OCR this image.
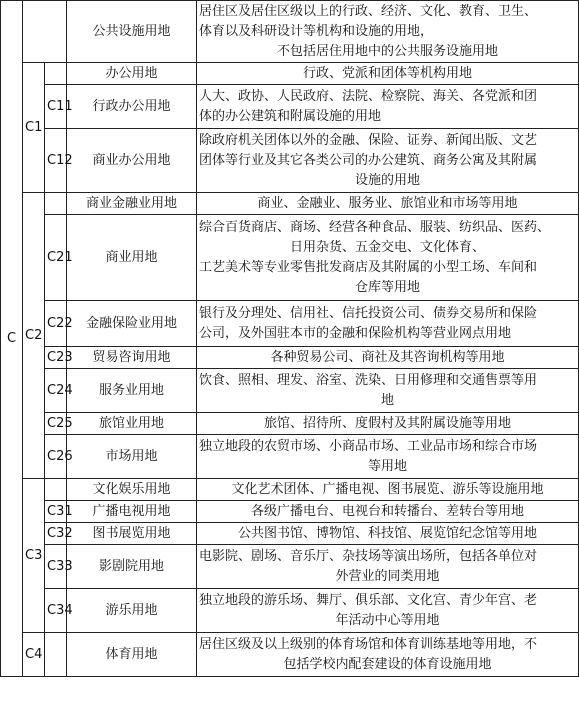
C			公共设施用地	居住区及居住区级以上的行政、经济、文化、教育、卫生、
体育以及科研设计等机构和设施的用地，
不包括居住用地中的公共服务设施用地

	C1		办公用地	行政、党派和团体等机构用地

		C11	行政办公用地	人大、政协、人民政府、法院、检察院、海关、各党派和团
体的办公建筑和附属设施的用地

		C12	商业办公用地	除政府机关团体以外的金融、保险、证券、新闻出版、文艺
团体等行业及其它各类公司的办公建筑、商务公寓及其附属
设施的用地

	C2		商业金融业用地	商业、金融业、服务业、旅馆业和市场等用地

		C21	商业用地	综合百货商店、商场、经营各种食品、服装、纺织品、医药、
日用杂货、五金交电、文化体育、
工艺美术等专业零售批发商店及其附属的小型工场、车间和
仓库等用地

		C22	金融保险业用地	银行及分理处、信用社、信托投资公司、债券交易所和保险
公司，及外国驻本市的金融和保险机构等营业网点用地

		C23	贸易咨询用地	各种贸易公司、商社及其咨询机构等用地

		C24	服务业用地	饮食、照相、理发、浴室、洗染、日用修理和交通售票等用
地

		C25	旅馆业用地	旅馆、招待所、度假村及其附属设施等用地

		C26	市场用地	独立地段的农贸市场、小商品市场、工业品市场和综合市场
等用地

	C3		文化娱乐用地	文化艺术团体、广播电视、图书展览、游乐等设施用地

		C31	广播电视用地	各级广播电台、电视台和转播台、差转台等用地

		C32	图书展览用地	公共图书馆、博物馆、科技馆、展览馆纪念馆等用地

		C33	影剧院用地	电影院、剧场、音乐厅、杂技场等演出场所，包括各单位对
外营业的同类用地

		C34	游乐用地	独立地段的游乐场、舞厅、俱乐部、文化宫、青少年宫、老
年活动中心等用地

	C4		体育用地	居住区级及以上级别的体育场馆和体育训练基地等用地，不
包括学校内配套建设的体育设施用地
